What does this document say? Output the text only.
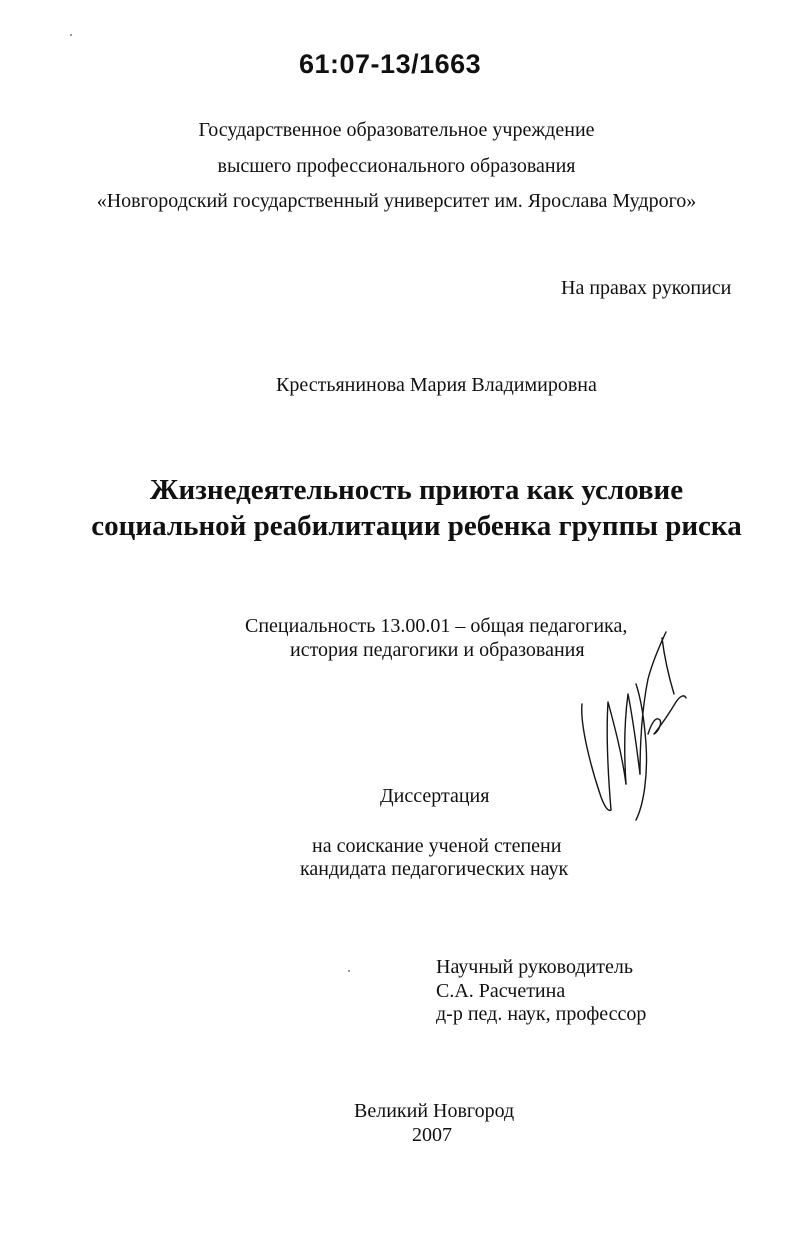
61:07-13/1663
Государственное образовательное учреждение
высшего профессионального образования
«Новгородский государственный университет им. Ярослава Мудрого»
На правах рукописи
Крестьянинова Мария Владимировна
Жизнедеятельность приюта как условие
социальной реабилитации ребенка группы риска
Специальность 13.00.01 – общая педагогика,
история педагогики и образования
Диссертация
на соискание ученой степени
кандидата педагогических наук
Научный руководитель
С.А. Расчетина
д-р пед. наук, профессор
Великий Новгород
2007
